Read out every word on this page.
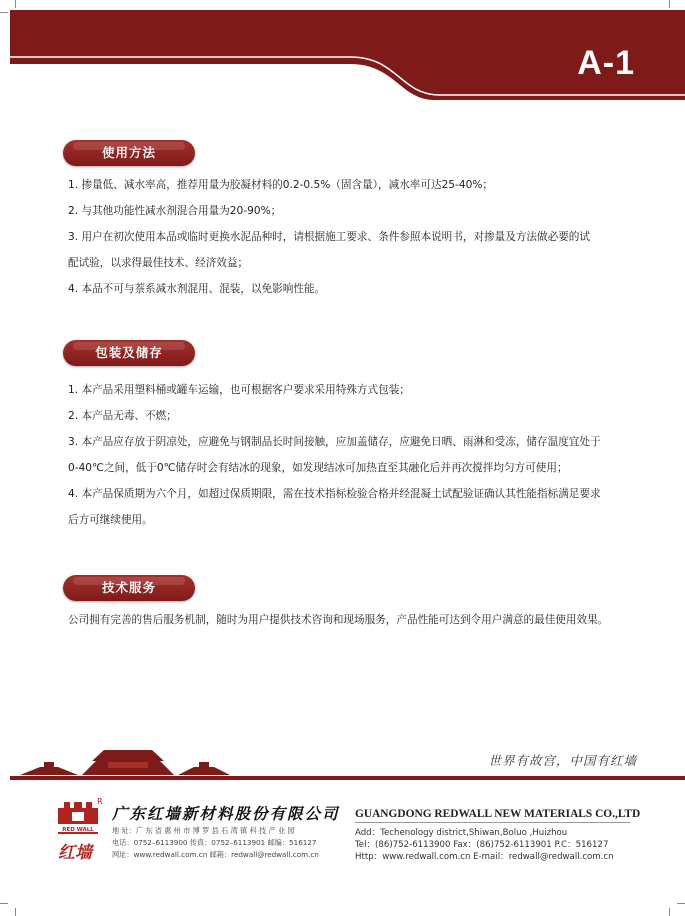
A-1
使用方法
1. 掺量低、减水率高，推荐用量为胶凝材料的0.2-0.5%（固含量），减水率可达25-40%；
2. 与其他功能性减水剂混合用量为20-90%；
3. 用户在初次使用本品或临时更换水泥品种时，请根据施工要求、条件参照本说明书，对掺量及方法做必要的试
配试验，以求得最佳技术、经济效益；
4. 本品不可与萘系减水剂混用、混装，以免影响性能。
包装及储存
1. 本产品采用塑料桶或罐车运输，也可根据客户要求采用特殊方式包装；
2. 本产品无毒、不燃；
3. 本产品应存放于阴凉处，应避免与钢制品长时间接触，应加盖储存，应避免日晒、雨淋和受冻，储存温度宜处于
0-40℃之间，低于0℃储存时会有结冰的现象，如发现结冰可加热直至其融化后并再次搅拌均匀方可使用；
4. 本产品保质期为六个月，如超过保质期限，需在技术指标检验合格并经混凝土试配验证确认其性能指标满足要求
后方可继续使用。
技术服务
公司拥有完善的售后服务机制，随时为用户提供技术咨询和现场服务，产品性能可达到令用户满意的最佳使用效果。
世界有故宫，中国有红墙
RED WALL
R
红墙
广东红墙新材料股份有限公司
地 址：广 东 省 惠 州 市 博 罗 县 石 湾 镇 科 技 产 业 园
电话：0752–6113900 传真：0752–6113901 邮编：516127
网址：www.redwall.com.cn 邮箱：redwall@redwall.com.cn
GUANGDONG REDWALL NEW MATERIALS CO.,LTD
Add：Techenology district,Shiwan,Boluo ,Huizhou
Tel：(86)752-6113900 Fax：(86)752-6113901 P.C：516127
Http：www.redwall.com.cn E-mail：redwall@redwall.com.cn
